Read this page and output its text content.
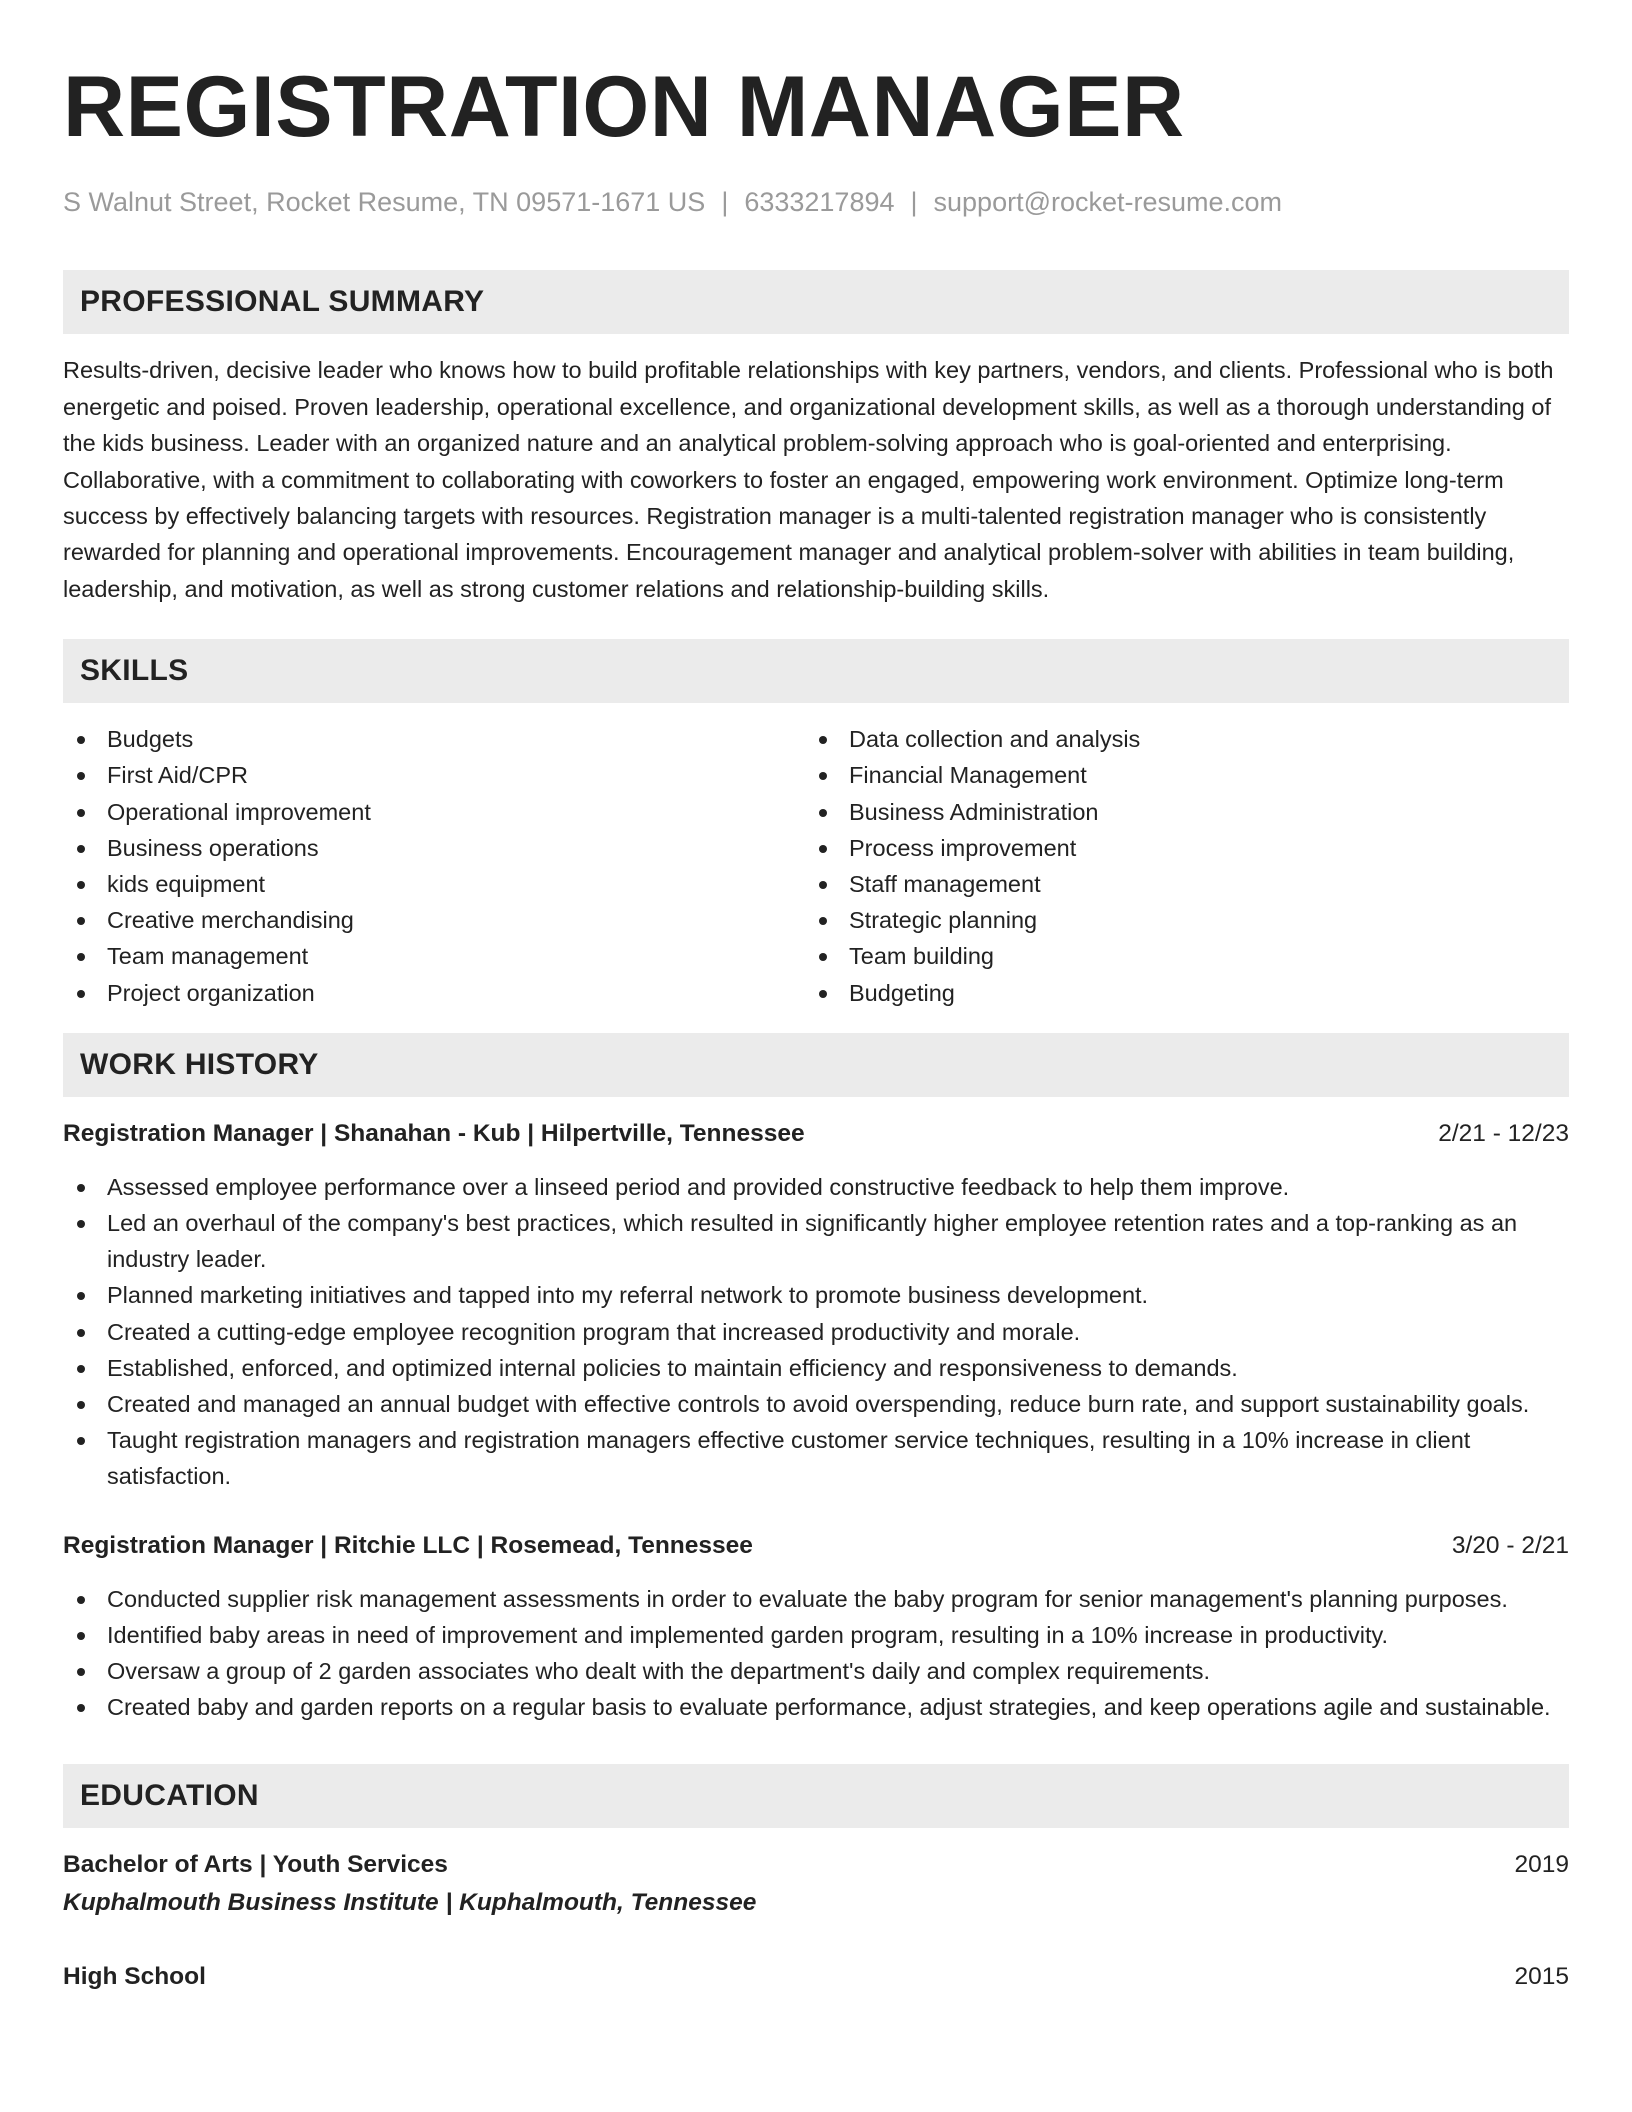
REGISTRATION MANAGER
S Walnut Street, Rocket Resume, TN 09571-1671 US | 6333217894 | support@rocket-resume.com
PROFESSIONAL SUMMARY

Results-driven, decisive leader who knows how to build profitable relationships with key partners, vendors, and clients. Professional who is both energetic and poised. Proven leadership, operational excellence, and organizational development skills, as well as a thorough understanding of the kids business. Leader with an organized nature and an analytical problem-solving approach who is goal-oriented and enterprising. Collaborative, with a commitment to collaborating with coworkers to foster an engaged, empowering work environment. Optimize long-term success by effectively balancing targets with resources. Registration manager is a multi-talented registration manager who is consistently rewarded for planning and operational improvements. Encouragement manager and analytical problem-solver with abilities in team building, leadership, and motivation, as well as strong customer relations and relationship-building skills.

SKILLS
Budgets
First Aid/CPR
Operational improvement
Business operations
kids equipment
Creative merchandising
Team management
Project organization
Data collection and analysis
Financial Management
Business Administration
Process improvement
Staff management
Strategic planning
Team building
Budgeting
WORK HISTORY
Registration Manager | Shanahan - Kub | Hilpertville, Tennessee	2/21 - 12/23
Assessed employee performance over a linseed period and provided constructive feedback to help them improve.
Led an overhaul of the company's best practices, which resulted in significantly higher employee retention rates and a top-ranking as an industry leader.
Planned marketing initiatives and tapped into my referral network to promote business development.
Created a cutting-edge employee recognition program that increased productivity and morale.
Established, enforced, and optimized internal policies to maintain efficiency and responsiveness to demands.
Created and managed an annual budget with effective controls to avoid overspending, reduce burn rate, and support sustainability goals.
Taught registration managers and registration managers effective customer service techniques, resulting in a 10% increase in client satisfaction.
Registration Manager | Ritchie LLC | Rosemead, Tennessee	3/20 - 2/21
Conducted supplier risk management assessments in order to evaluate the baby program for senior management's planning purposes.
Identified baby areas in need of improvement and implemented garden program, resulting in a 10% increase in productivity.
Oversaw a group of 2 garden associates who dealt with the department's daily and complex requirements.
Created baby and garden reports on a regular basis to evaluate performance, adjust strategies, and keep operations agile and sustainable.
EDUCATION
Bachelor of Arts | Youth Services	2019
Kuphalmouth Business Institute | Kuphalmouth, Tennessee
High School	2015
